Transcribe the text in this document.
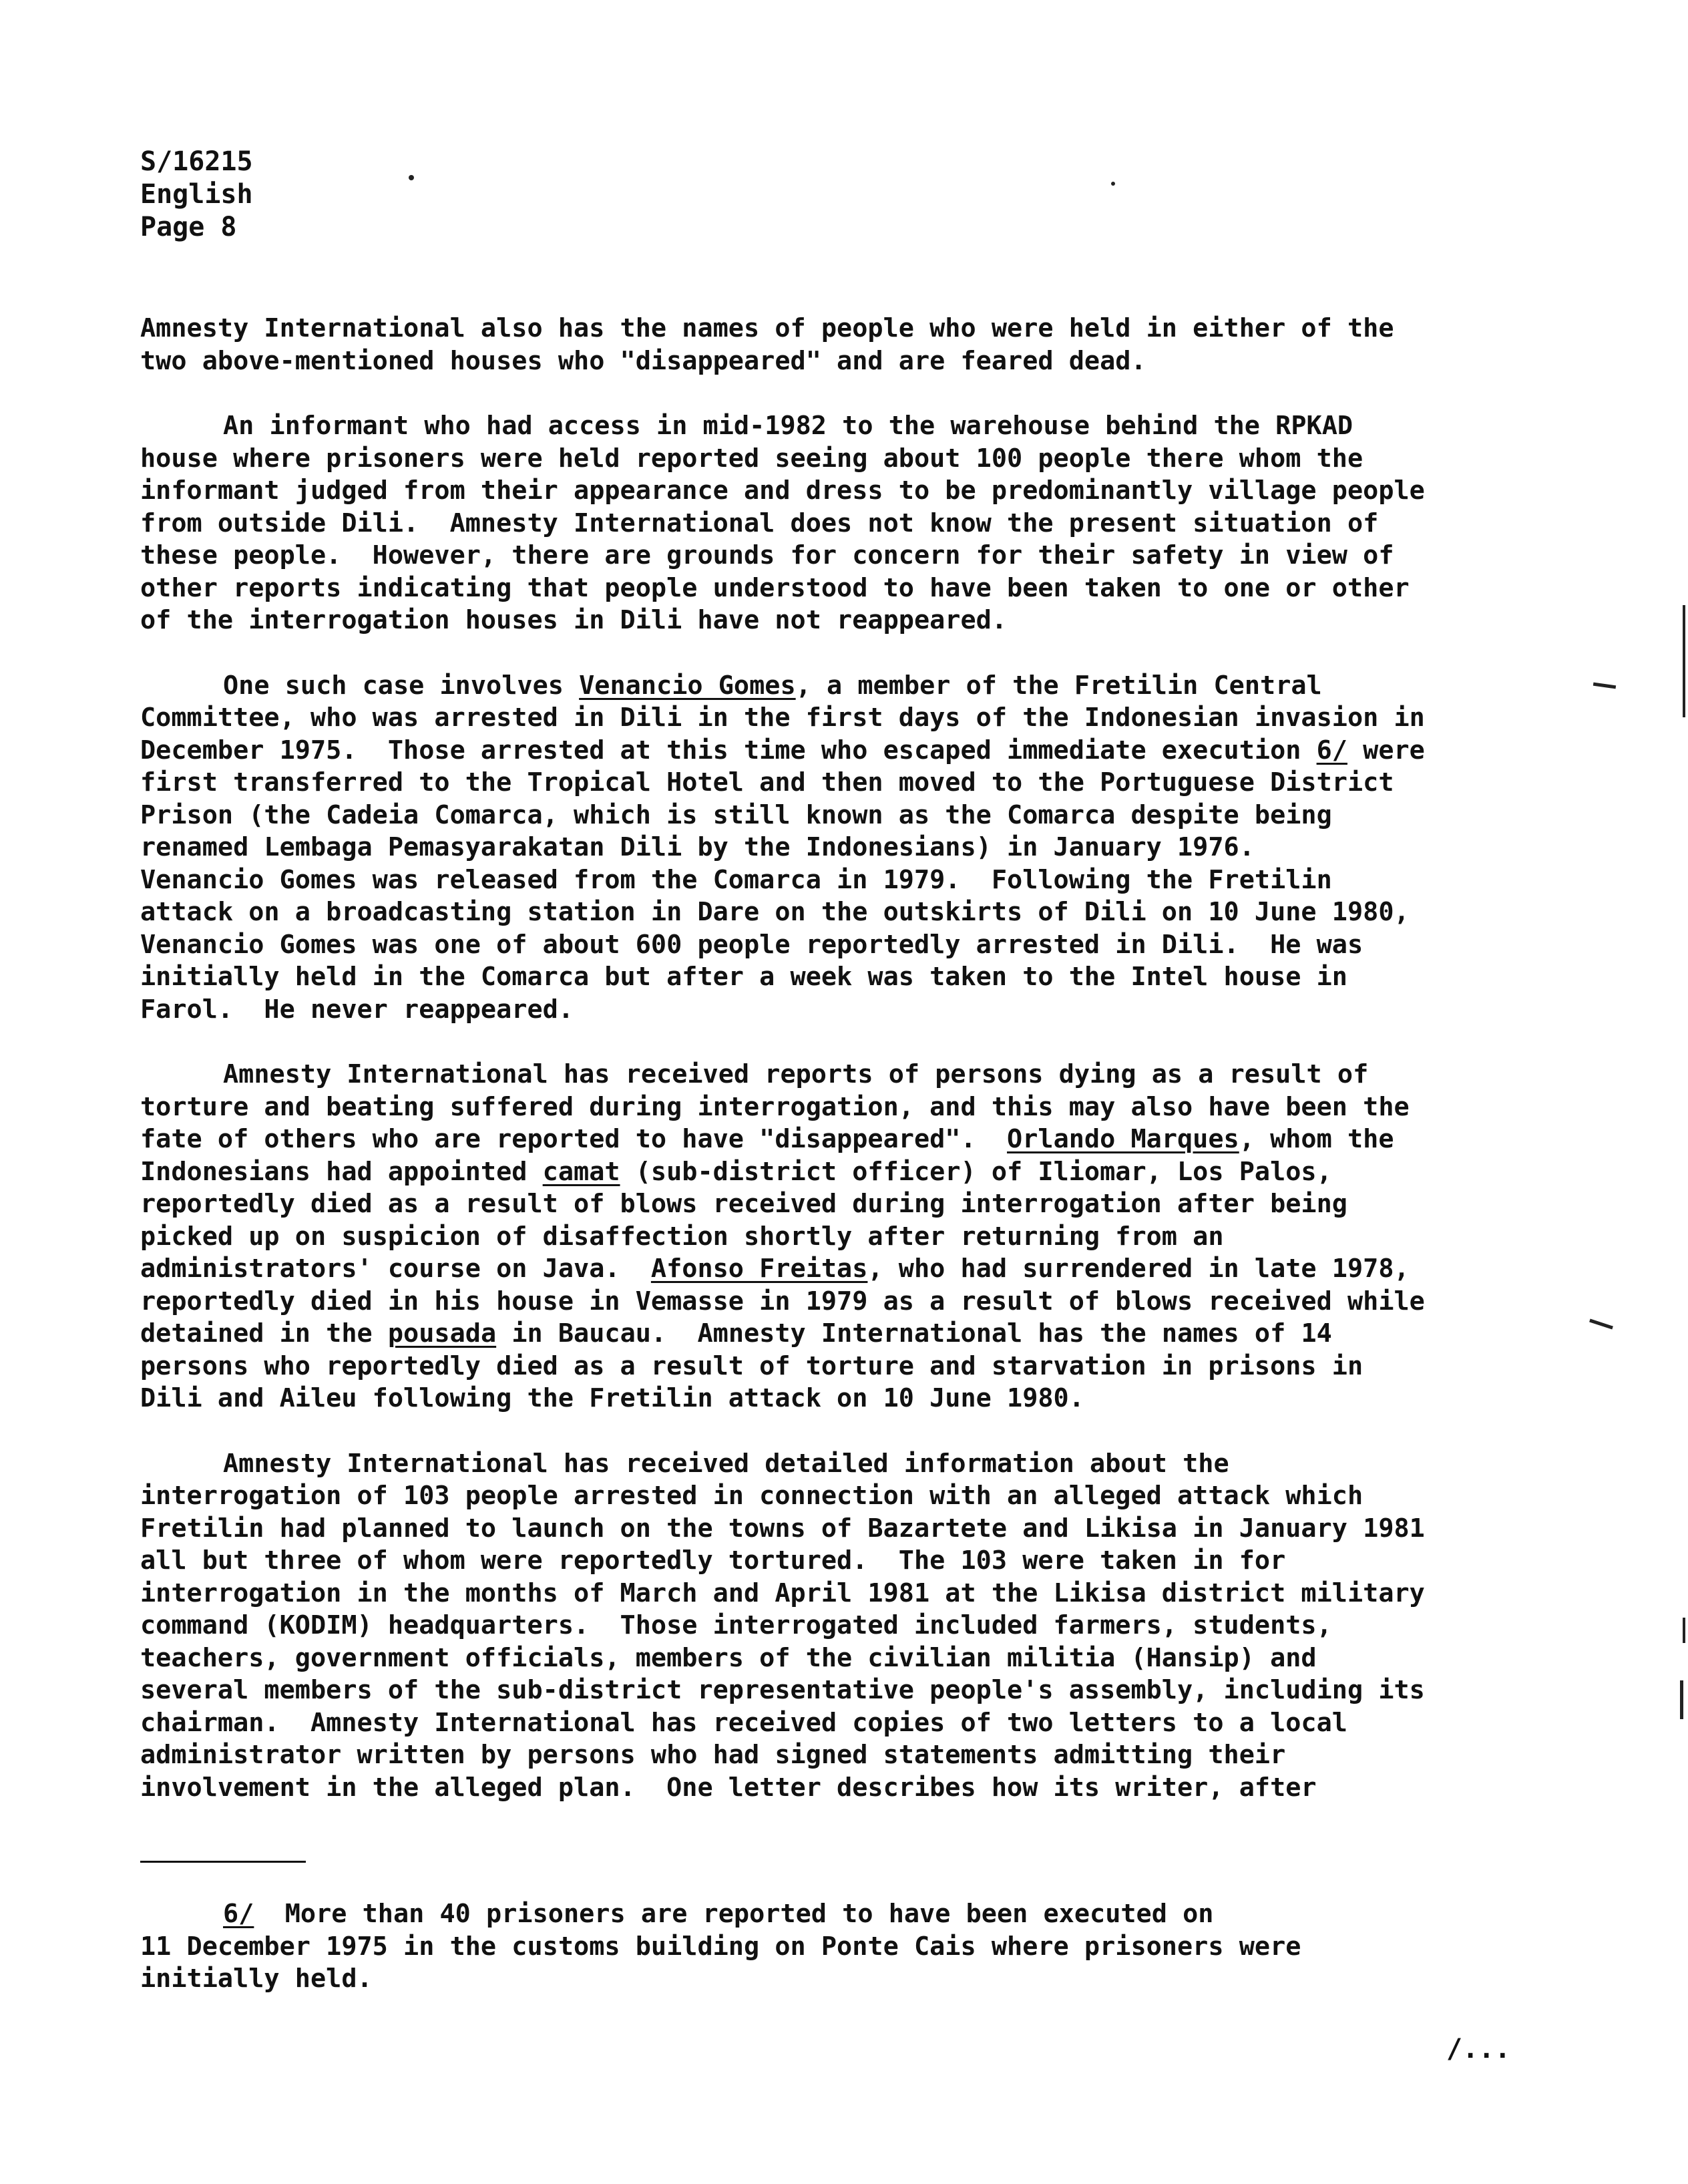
S/16215
English
Page 8
Amnesty International also has the names of people who were held in either of the
two above-mentioned houses who "disappeared" and are feared dead.
An informant who had access in mid-1982 to the warehouse behind the RPKAD
house where prisoners were held reported seeing about 100 people there whom the
informant judged from their appearance and dress to be predominantly village people
from outside Dili.  Amnesty International does not know the present situation of
these people.  However, there are grounds for concern for their safety in view of
other reports indicating that people understood to have been taken to one or other
of the interrogation houses in Dili have not reappeared.
One such case involves Venancio Gomes, a member of the Fretilin Central
Committee, who was arrested in Dili in the first days of the Indonesian invasion in
December 1975.  Those arrested at this time who escaped immediate execution 6/ were
first transferred to the Tropical Hotel and then moved to the Portuguese District
Prison (the Cadeia Comarca, which is still known as the Comarca despite being
renamed Lembaga Pemasyarakatan Dili by the Indonesians) in January 1976.
Venancio Gomes was released from the Comarca in 1979.  Following the Fretilin
attack on a broadcasting station in Dare on the outskirts of Dili on 10 June 1980,
Venancio Gomes was one of about 600 people reportedly arrested in Dili.  He was
initially held in the Comarca but after a week was taken to the Intel house in
Farol.  He never reappeared.
Amnesty International has received reports of persons dying as a result of
torture and beating suffered during interrogation, and this may also have been the
fate of others who are reported to have "disappeared".  Orlando Marques, whom the
Indonesians had appointed camat (sub-district officer) of Iliomar, Los Palos,
reportedly died as a result of blows received during interrogation after being
picked up on suspicion of disaffection shortly after returning from an
administrators' course on Java.  Afonso Freitas, who had surrendered in late 1978,
reportedly died in his house in Vemasse in 1979 as a result of blows received while
detained in the pousada in Baucau.  Amnesty International has the names of 14
persons who reportedly died as a result of torture and starvation in prisons in
Dili and Aileu following the Fretilin attack on 10 June 1980.
Amnesty International has received detailed information about the
interrogation of 103 people arrested in connection with an alleged attack which
Fretilin had planned to launch on the towns of Bazartete and Likisa in January 1981
all but three of whom were reportedly tortured.  The 103 were taken in for
interrogation in the months of March and April 1981 at the Likisa district military
command (KODIM) headquarters.  Those interrogated included farmers, students,
teachers, government officials, members of the civilian militia (Hansip) and
several members of the sub-district representative people's assembly, including its
chairman.  Amnesty International has received copies of two letters to a local
administrator written by persons who had signed statements admitting their
involvement in the alleged plan.  One letter describes how its writer, after
6/  More than 40 prisoners are reported to have been executed on
11 December 1975 in the customs building on Ponte Cais where prisoners were
initially held.
/...
